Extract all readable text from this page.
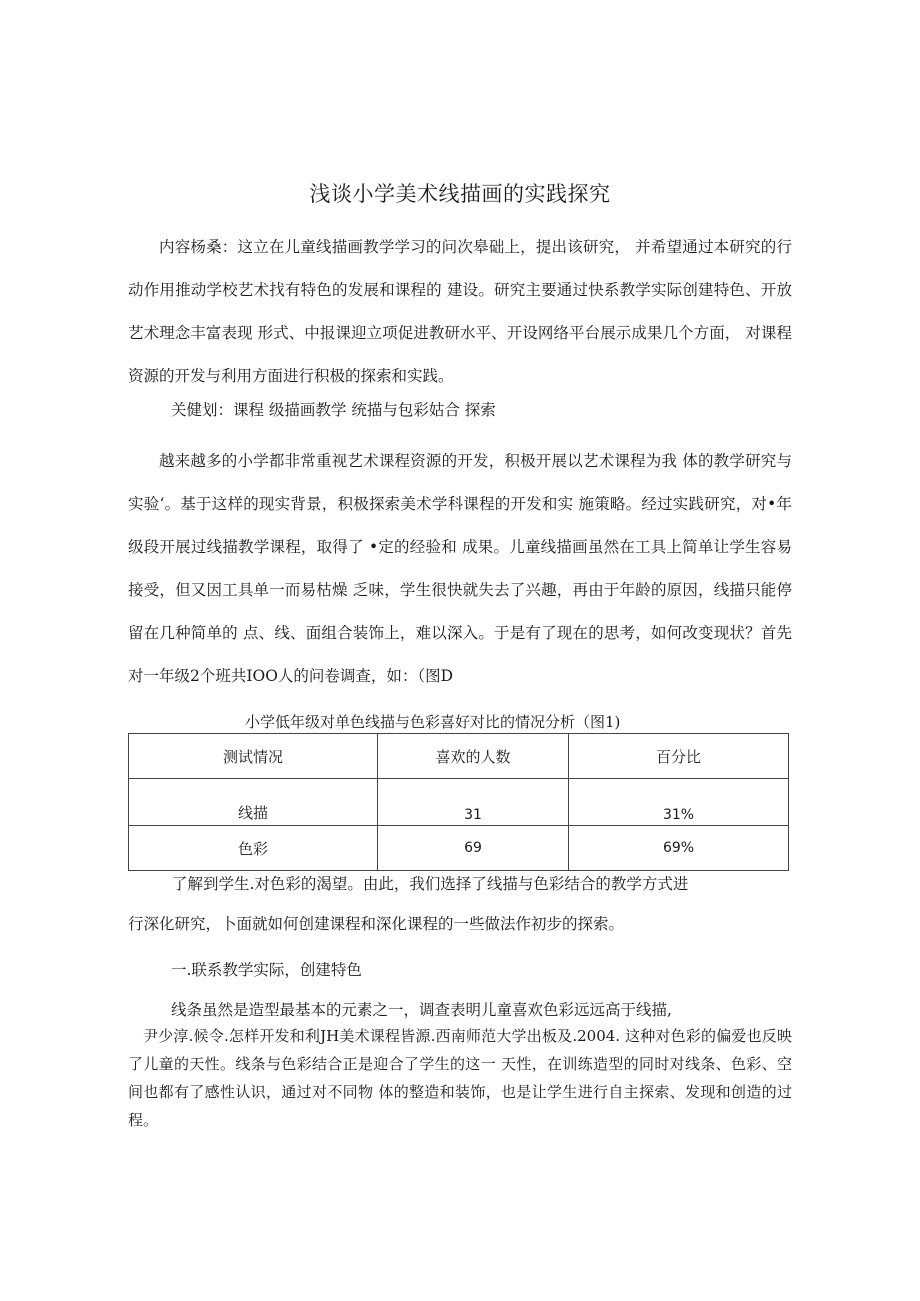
浅谈小学美术线描画的实践探究

内容杨桑：这立在儿童线描画教学学习的问次皋础上，提出该研究， 并希望通过本研究的行动作用推动学校艺术找有特色的发展和课程的 建设。研究主要通过快系教学实际创建特色、开放艺术理念丰富表现 形式、中报课迎立项促进教研水平、开设网络平台展示成果几个方面， 对课程资源的开发与利用方面进行积极的探索和实践。

关健划：课程 级描画教学 统描与包彩姑合 探索

越来越多的小学都非常重视艺术课程资源的开发，积极开展以艺术课程为我 体的教学研究与实验‘。基于这样的现实背景，积极探索美术学科课程的开发和实 施策略。经过实践研究，对•年级段开展过线描教学课程，取得了 •定的经验和 成果。儿童线描画虽然在工具上简单让学生容易接受，但又因工具单一而易枯燥 乏味，学生很快就失去了兴趣，再由于年龄的原因，线描只能停留在几种简单的 点、线、面组合装饰上，难以深入。于是有了现在的思考，如何改变现状？首先 对一年级2个班共IOO人的问卷调查，如：（图D

小学低年级对单色线描与色彩喜好对比的情况分析（图1)

测试情况	喜欢的人数	百分比
线描	31	31%
色彩	69	69%

了解到学生.对色彩的渴望。由此，我们选择了线描与色彩结合的教学方式进

行深化研究，卜面就如何创建课程和深化课程的一些做法作初步的探索。

一.联系教学实际，创建特色

线条虽然是造型最基本的元素之一，调查表明儿童喜欢色彩远远高于线描,

尹少淳.候令.怎样开发和利JH美术课程皆源.西南师范大学出板及.2004. 这种对色彩的偏爱也反映了儿童的天性。线条与色彩结合正是迎合了学生的这一 天性，在训练造型的同时对线条、色彩、空间也都有了感性认识，通过对不同物 体的整造和装饰，也是让学生进行自主探索、发现和创造的过程。
